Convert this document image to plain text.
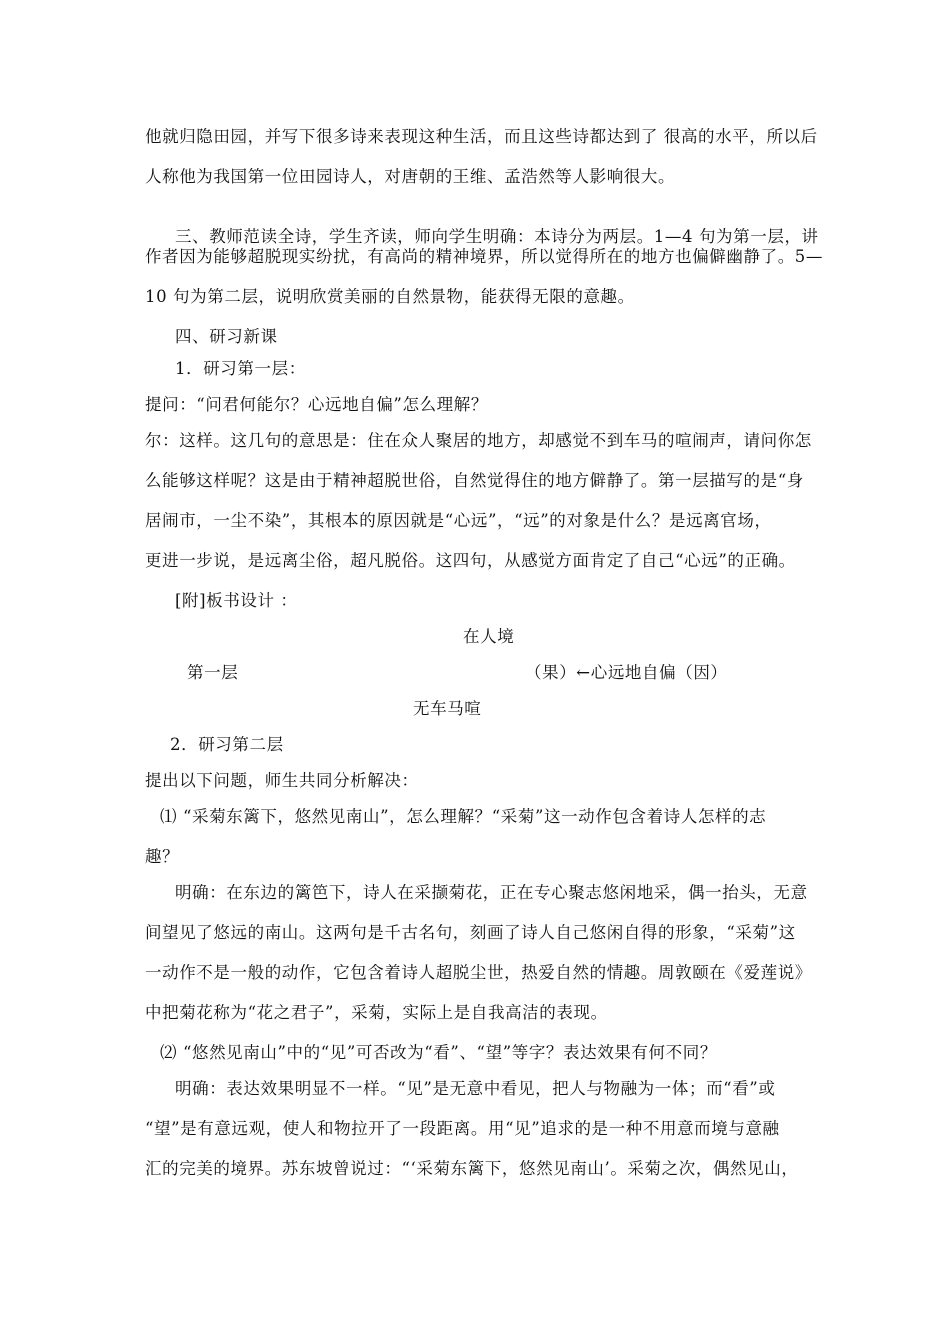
他就归隐田园，并写下很多诗来表现这种生活，而且这些诗都达到了 很高的水平，所以后
人称他为我国第一位田园诗人，对唐朝的王维、孟浩然等人影响很大。
三、教师范读全诗，学生齐读，师向学生明确：本诗分为两层。1—4 句为第一层，讲
作者因为能够超脱现实纷扰，有高尚的精神境界，所以觉得所在的地方也偏僻幽静了。5—
10 句为第二层，说明欣赏美丽的自然景物，能获得无限的意趣。
四、研习新课
1．研习第一层：
提问：“问君何能尔？心远地自偏”怎么理解？
尔：这样。这几句的意思是：住在众人聚居的地方，却感觉不到车马的喧闹声，请问你怎
么能够这样呢？这是由于精神超脱世俗，自然觉得住的地方僻静了。第一层描写的是“身
居闹市，一尘不染”，其根本的原因就是“心远”，“远”的对象是什么？是远离官场，
更进一步说，是远离尘俗，超凡脱俗。这四句，从感觉方面肯定了自己“心远”的正确。
[附]板书设计 ：
在人境
第一层	（果）←心远地自偏（因）
无车马喧
2．研习第二层
提出以下问题，师生共同分析解决：
⑴ “采菊东篱下，悠然见南山”，怎么理解？“采菊”这一动作包含着诗人怎样的志
趣？
明确：在东边的篱笆下，诗人在采撷菊花，正在专心聚志悠闲地采，偶一抬头，无意
间望见了悠远的南山。这两句是千古名句，刻画了诗人自己悠闲自得的形象，“采菊”这
一动作不是一般的动作，它包含着诗人超脱尘世，热爱自然的情趣。周敦颐在《爱莲说》
中把菊花称为“花之君子”，采菊，实际上是自我高洁的表现。
⑵ “悠然见南山”中的“见”可否改为“看”、“望”等字？表达效果有何不同？
明确：表达效果明显不一样。“见”是无意中看见，把人与物融为一体；而“看”或
“望”是有意远观，使人和物拉开了一段距离。用“见”追求的是一种不用意而境与意融
汇的完美的境界。苏东坡曾说过：“‘采菊东篱下，悠然见南山’。采菊之次，偶然见山，
